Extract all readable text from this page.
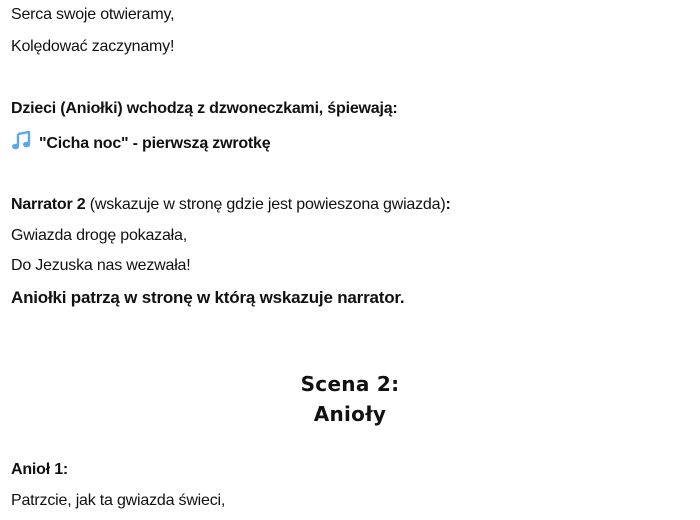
Serca swoje otwieramy,
Kolędować zaczynamy!
Dzieci (Aniołki) wchodzą z dzwoneczkami, śpiewają:
"Cicha noc" - pierwszą zwrotkę
Narrator 2 (wskazuje w stronę gdzie jest powieszona gwiazda):
Gwiazda drogę pokazała,
Do Jezuska nas wezwała!
Aniołki patrzą w stronę w którą wskazuje narrator.
Scena 2:
Anioły
Anioł 1:
Patrzcie, jak ta gwiazda świeci,
